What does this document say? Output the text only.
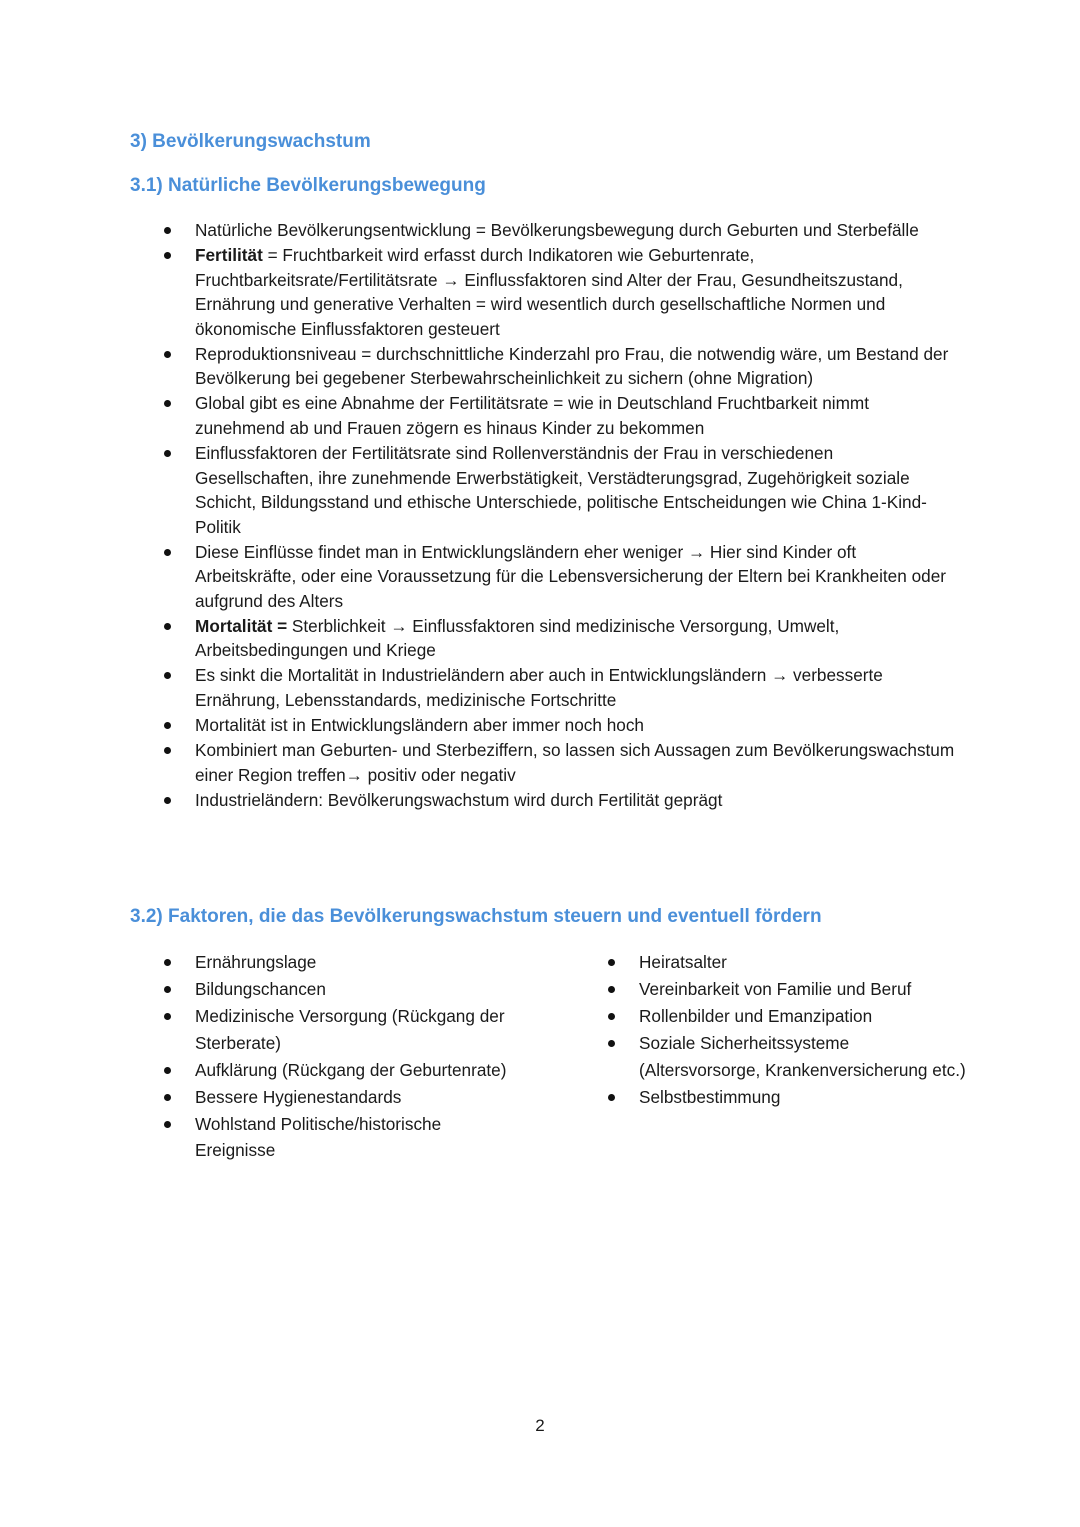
3) Bevölkerungswachstum
3.1) Natürliche Bevölkerungsbewegung
Natürliche Bevölkerungsentwicklung = Bevölkerungsbewegung durch Geburten und Sterbefälle
Fertilität = Fruchtbarkeit wird erfasst durch Indikatoren wie Geburtenrate, Fruchtbarkeitsrate/Fertilitätsrate → Einflussfaktoren sind Alter der Frau, Gesundheitszustand, Ernährung und generative Verhalten = wird wesentlich durch gesellschaftliche Normen und ökonomische Einflussfaktoren gesteuert
Reproduktionsniveau = durchschnittliche Kinderzahl pro Frau, die notwendig wäre, um Bestand der Bevölkerung bei gegebener Sterbewahrscheinlichkeit zu sichern (ohne Migration)
Global gibt es eine Abnahme der Fertilitätsrate = wie in Deutschland Fruchtbarkeit nimmt zunehmend ab und Frauen zögern es hinaus Kinder zu bekommen
Einflussfaktoren der Fertilitätsrate sind Rollenverständnis der Frau in verschiedenen Gesellschaften, ihre zunehmende Erwerbstätigkeit, Verstädterungsgrad, Zugehörigkeit soziale Schicht, Bildungsstand und ethische Unterschiede, politische Entscheidungen wie China 1-Kind-Politik
Diese Einflüsse findet man in Entwicklungsländern eher weniger → Hier sind Kinder oft Arbeitskräfte, oder eine Voraussetzung für die Lebensversicherung der Eltern bei Krankheiten oder aufgrund des Alters
Mortalität = Sterblichkeit → Einflussfaktoren sind medizinische Versorgung, Umwelt, Arbeitsbedingungen und Kriege
Es sinkt die Mortalität in Industrieländern aber auch in Entwicklungsländern → verbesserte Ernährung, Lebensstandards, medizinische Fortschritte
Mortalität ist in Entwicklungsländern aber immer noch hoch
Kombiniert man Geburten- und Sterbeziffern, so lassen sich Aussagen zum Bevölkerungswachstum einer Region treffen→ positiv oder negativ
Industrieländern: Bevölkerungswachstum wird durch Fertilität geprägt
3.2) Faktoren, die das Bevölkerungswachstum steuern und eventuell fördern
Ernährungslage
Bildungschancen
Medizinische Versorgung (Rückgang der Sterberate)
Aufklärung (Rückgang der Geburtenrate)
Bessere Hygienestandards
Wohlstand Politische/historische Ereignisse
Heiratsalter
Vereinbarkeit von Familie und Beruf
Rollenbilder und Emanzipation
Soziale Sicherheitssysteme (Altersvorsorge, Krankenversicherung etc.)
Selbstbestimmung
2
